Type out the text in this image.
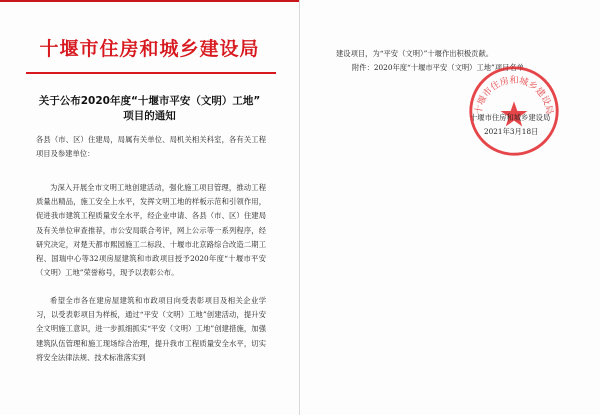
十堰市住房和城乡建设局
关于公布2020年度“十堰市平安（文明）工地”
项目的通知
各县（市、区）住建局，局属有关单位、局机关相关科室，各有关工程项目及参建单位：
为深入开展全市文明工地创建活动，强化施工项目管理，推动工程质量出精品，施工安全上水平，发挥文明工地的样板示范和引领作用，促进我市建筑工程质量安全水平，经企业申请、各县（市、区）住建局及有关单位审查推荐，市公安局联合考评，网上公示等一系列程序，经研究决定，对楚天都市熙园施工二标段、十堰市北京路综合改造二期工程、国瑞中心等32项房屋建筑和市政项目授予2020年度“十堰市平安（文明）工地”荣誉称号，现予以表彰公布。
希望全市各在建房屋建筑和市政项目向受表彰项目及相关企业学习，以受表彰项目为样板，通过“平安（文明）工地”创建活动，提升安全文明施工意识，进一步抓细抓实“平安（文明）工地”创建措施，加强建筑队伍管理和施工现场综合治理，提升我市工程质量安全水平，切实将安全法律法规、技术标准落实到
建设项目，为“平安（文明）”十堰作出积极贡献。
附件：2020年度“十堰市平安（文明）工地”项目名单
十堰市住房和城乡建设局
十堰市住房和城乡建设局
2021年3月18日
